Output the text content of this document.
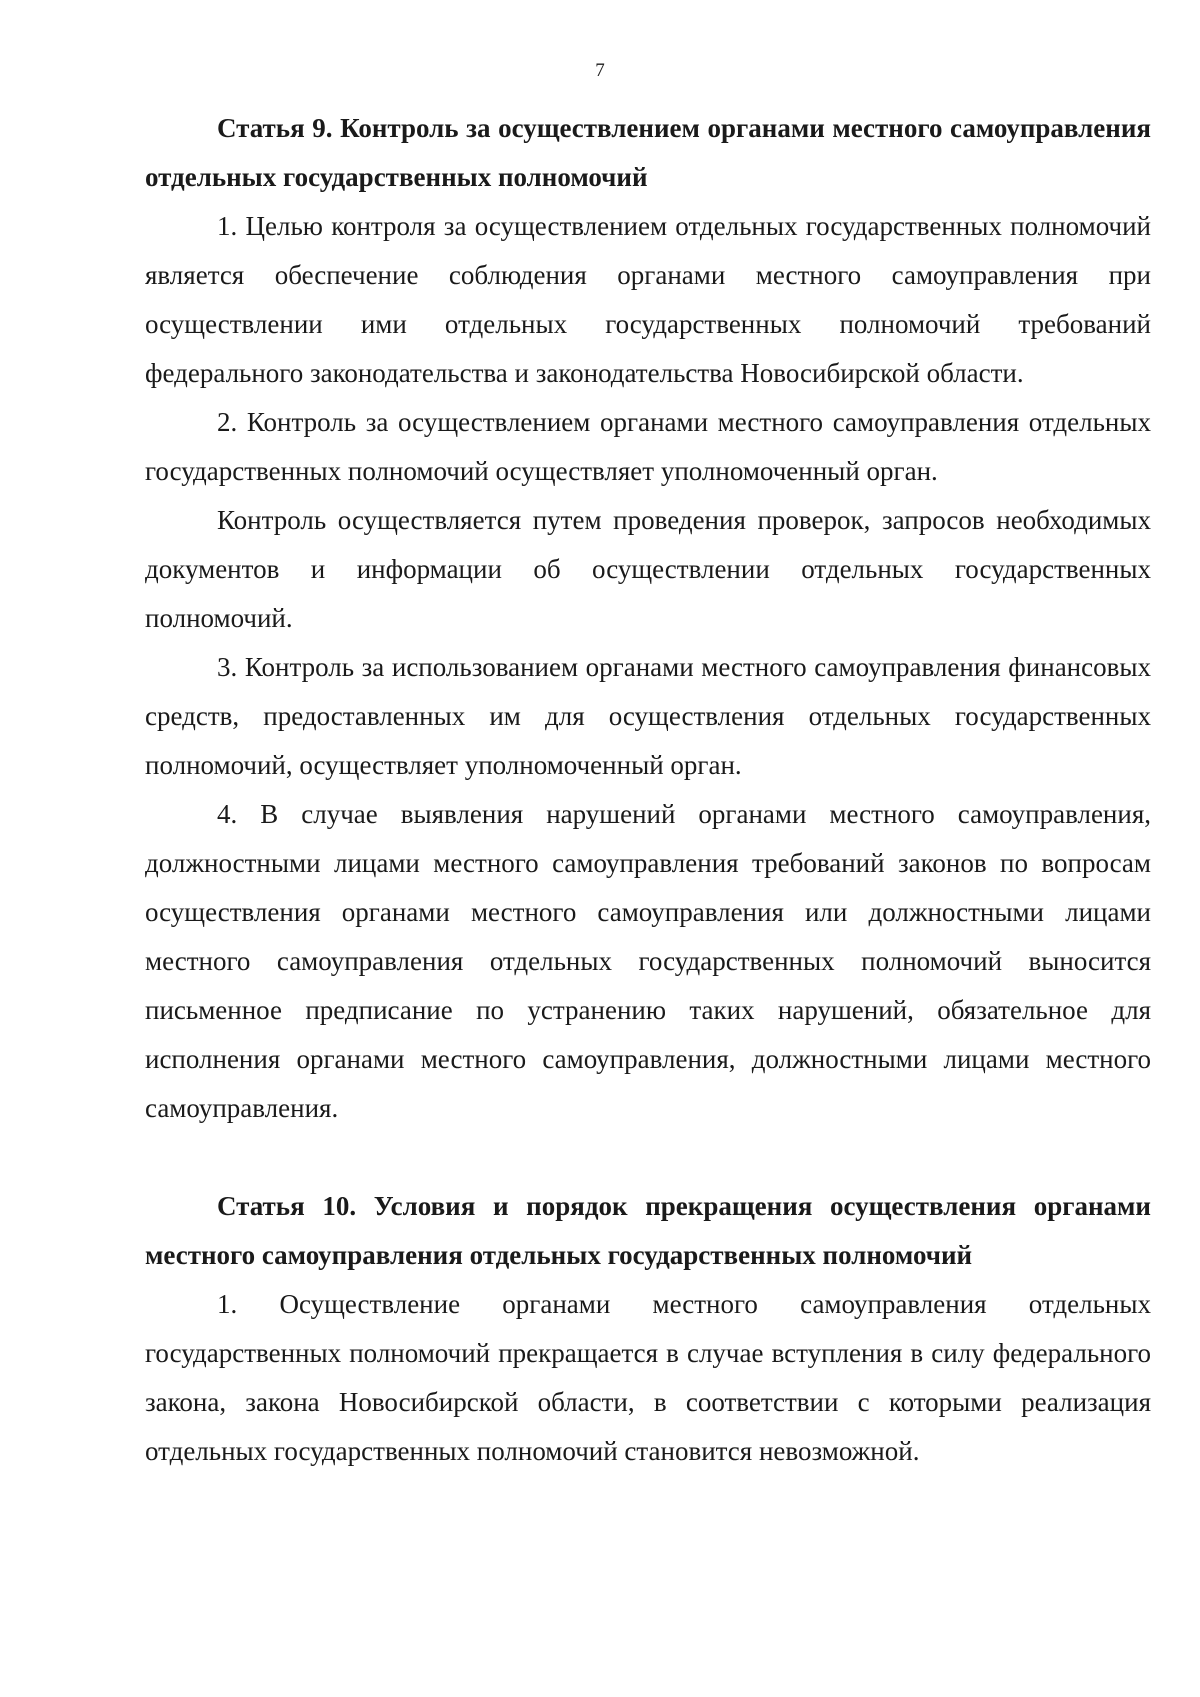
7
Статья 9. Контроль за осуществлением органами местного самоуправления отдельных государственных полномочий

1. Целью контроля за осуществлением отдельных государственных полномочий является обеспечение соблюдения органами местного самоуправления при осуществлении ими отдельных государственных полномочий требований федерального законодательства и законодательства Новосибирской области.

2. Контроль за осуществлением органами местного самоуправления отдельных государственных полномочий осуществляет уполномоченный орган.

Контроль осуществляется путем проведения проверок, запросов необходимых документов и информации об осуществлении отдельных государственных полномочий.

3. Контроль за использованием органами местного самоуправления финансовых средств, предоставленных им для осуществления отдельных государственных полномочий, осуществляет уполномоченный орган.

4. В случае выявления нарушений органами местного самоуправления, должностными лицами местного самоуправления требований законов по вопросам осуществления органами местного самоуправления или должностными лицами местного самоуправления отдельных государственных полномочий выносится письменное предписание по устранению таких нарушений, обязательное для исполнения органами местного самоуправления, должностными лицами местного самоуправления.

Статья 10. Условия и порядок прекращения осуществления органами местного самоуправления отдельных государственных полномочий

1. Осуществление органами местного самоуправления отдельных государственных полномочий прекращается в случае вступления в силу федерального закона, закона Новосибирской области, в соответствии с которыми реализация отдельных государственных полномочий становится невозможной.
